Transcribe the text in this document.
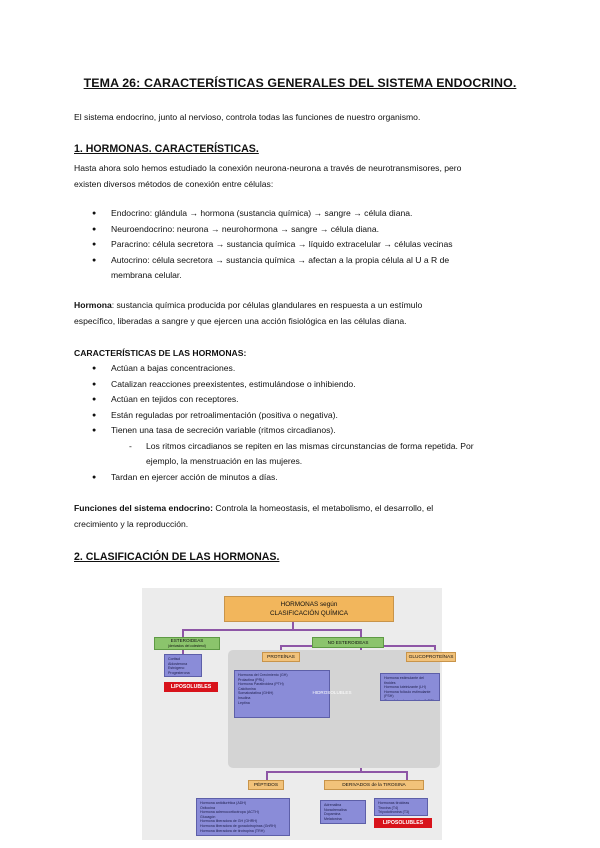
TEMA 26: CARACTERÍSTICAS GENERALES DEL SISTEMA ENDOCRINO.
El sistema endocrino, junto al nervioso, controla todas las funciones de nuestro organismo.
1. HORMONAS. CARACTERÍSTICAS.
Hasta ahora solo hemos estudiado la conexión neurona-neurona a través de neurotransmisores, pero
existen diversos métodos de conexión entre células:
● Endocrino: glándula → hormona (sustancia química) → sangre → célula diana.
● Neuroendocrino: neurona → neurohormona → sangre → célula diana.
● Paracrino: célula secretora → sustancia química → líquido extracelular → células vecinas
● Autocrino: célula secretora → sustancia química → afectan a la propia célula al U a R de
membrana celular.
Hormona: sustancia química producida por células glandulares en respuesta a un estímulo
específico, liberadas a sangre y que ejercen una acción fisiológica en las células diana.
CARACTERÍSTICAS DE LAS HORMONAS:
● Actúan a bajas concentraciones.
● Catalizan reacciones preexistentes, estimulándose o inhibiendo.
● Actúan en tejidos con receptores.
● Están reguladas por retroalimentación (positiva o negativa).
● Tienen una tasa de secreción variable (ritmos circadianos).
- Los ritmos circadianos se repiten en las mismas circunstancias de forma repetida. Por
ejemplo, la menstruación en las mujeres.
● Tardan en ejercer acción de minutos a días.
Funciones del sistema endocrino: Controla la homeostasis, el metabolismo, el desarrollo, el
crecimiento y la reproducción.
2. CLASIFICACIÓN DE LAS HORMONAS.
HORMONAS según
CLASIFICACIÓN QUÍMICA
ESTEROIDEAS
(derivados del colesterol)
NO ESTEROIDEAS
Cortisol
Aldosterona
Estrógeno
Progesterona
LIPOSOLUBLES
PROTEÍNAS	GLUCOPROTEÍNAS
Hormona del Crecimiento (GH)
Prolactina (PRL)
Hormona Paratiroidea (PTH)
Calcitonina
Somatostatina (GHIH)
Insulina
Leptina
Hormona estimulante del tiroides
Hormona luteinizante (LH)
Hormona folículo estimulante (FSH)
Gonadotropina coriónica (hCG)
HIDROSOLUBLES
PÉPTIDOS	DERIVADOS de la TIROSINA
Hormona antidiurética (ADH)
Oxitocina
Hormona adrenocorticotropa (ACTH)
Glucagón
Hormona liberadora de GH (GHRH)
Hormona liberadora de gonadotropinas (GnRH)
Hormona liberadora de tirotropina (TRH)
Adrenalina
Noradrenalina
Dopamina
Melatonina
Hormonas tiroideas
Tiroxina (T4)
Triyodotironina (T3)
LIPOSOLUBLES
